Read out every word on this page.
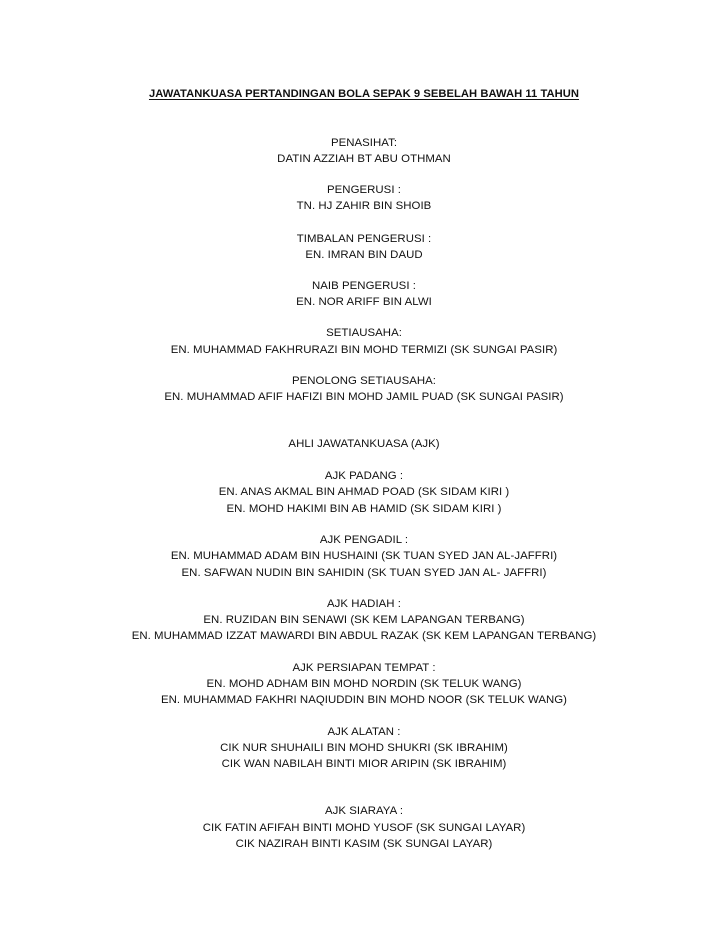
JAWATANKUASA PERTANDINGAN BOLA SEPAK 9 SEBELAH BAWAH 11 TAHUN
PENASIHAT:
DATIN AZZIAH BT ABU OTHMAN
PENGERUSI :
TN. HJ ZAHIR BIN SHOIB
TIMBALAN PENGERUSI :
EN. IMRAN BIN DAUD
NAIB PENGERUSI :
EN. NOR ARIFF BIN ALWI
SETIAUSAHA:
EN. MUHAMMAD FAKHRURAZI BIN MOHD TERMIZI (SK SUNGAI PASIR)
PENOLONG SETIAUSAHA:
EN. MUHAMMAD AFIF HAFIZI BIN MOHD JAMIL PUAD (SK SUNGAI PASIR)
AHLI JAWATANKUASA (AJK)
AJK PADANG :
EN. ANAS AKMAL BIN AHMAD POAD (SK SIDAM KIRI )
EN. MOHD HAKIMI BIN AB HAMID (SK SIDAM KIRI )
AJK PENGADIL :
EN. MUHAMMAD ADAM BIN HUSHAINI (SK TUAN SYED JAN AL-JAFFRI)
EN. SAFWAN NUDIN BIN SAHIDIN (SK TUAN SYED JAN AL- JAFFRI)
AJK HADIAH :
EN. RUZIDAN BIN SENAWI (SK KEM LAPANGAN TERBANG)
EN. MUHAMMAD IZZAT MAWARDI BIN ABDUL RAZAK (SK KEM LAPANGAN TERBANG)
AJK PERSIAPAN TEMPAT :
EN. MOHD ADHAM BIN MOHD NORDIN (SK TELUK WANG)
EN. MUHAMMAD FAKHRI NAQIUDDIN BIN MOHD NOOR (SK TELUK WANG)
AJK ALATAN :
CIK NUR SHUHAILI BIN MOHD SHUKRI (SK IBRAHIM)
CIK WAN NABILAH BINTI MIOR ARIPIN (SK IBRAHIM)
AJK SIARAYA :
CIK FATIN AFIFAH BINTI MOHD YUSOF (SK SUNGAI LAYAR)
CIK NAZIRAH BINTI KASIM (SK SUNGAI LAYAR)
